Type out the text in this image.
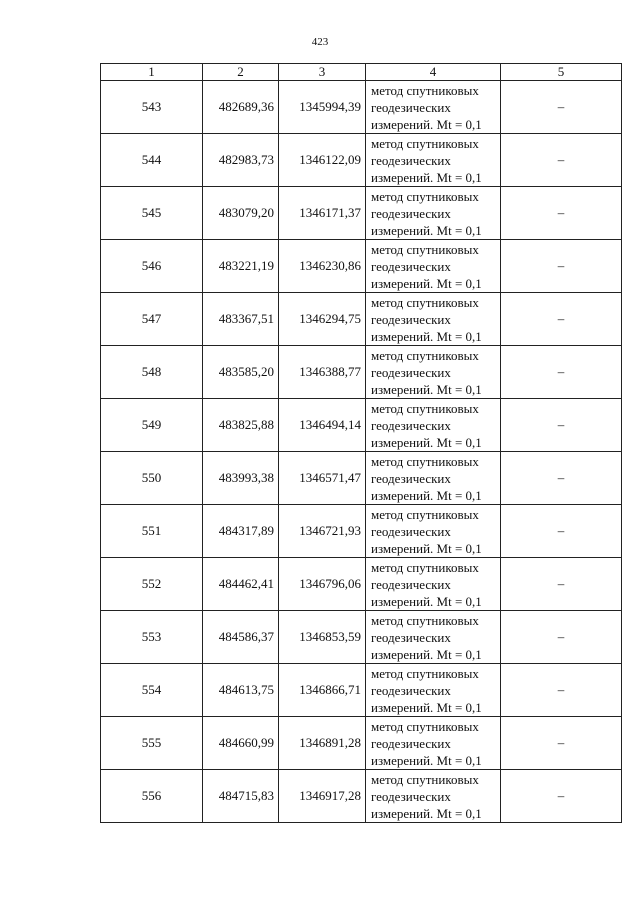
423
1	2	3	4	5
543	482689,36	1345994,39	метод спутниковых
геодезических
измерений. Mt = 0,1	–
544	482983,73	1346122,09	метод спутниковых
геодезических
измерений. Mt = 0,1	–
545	483079,20	1346171,37	метод спутниковых
геодезических
измерений. Mt = 0,1	–
546	483221,19	1346230,86	метод спутниковых
геодезических
измерений. Mt = 0,1	–
547	483367,51	1346294,75	метод спутниковых
геодезических
измерений. Mt = 0,1	–
548	483585,20	1346388,77	метод спутниковых
геодезических
измерений. Mt = 0,1	–
549	483825,88	1346494,14	метод спутниковых
геодезических
измерений. Mt = 0,1	–
550	483993,38	1346571,47	метод спутниковых
геодезических
измерений. Mt = 0,1	–
551	484317,89	1346721,93	метод спутниковых
геодезических
измерений. Mt = 0,1	–
552	484462,41	1346796,06	метод спутниковых
геодезических
измерений. Mt = 0,1	–
553	484586,37	1346853,59	метод спутниковых
геодезических
измерений. Mt = 0,1	–
554	484613,75	1346866,71	метод спутниковых
геодезических
измерений. Mt = 0,1	–
555	484660,99	1346891,28	метод спутниковых
геодезических
измерений. Mt = 0,1	–
556	484715,83	1346917,28	метод спутниковых
геодезических
измерений. Mt = 0,1	–
